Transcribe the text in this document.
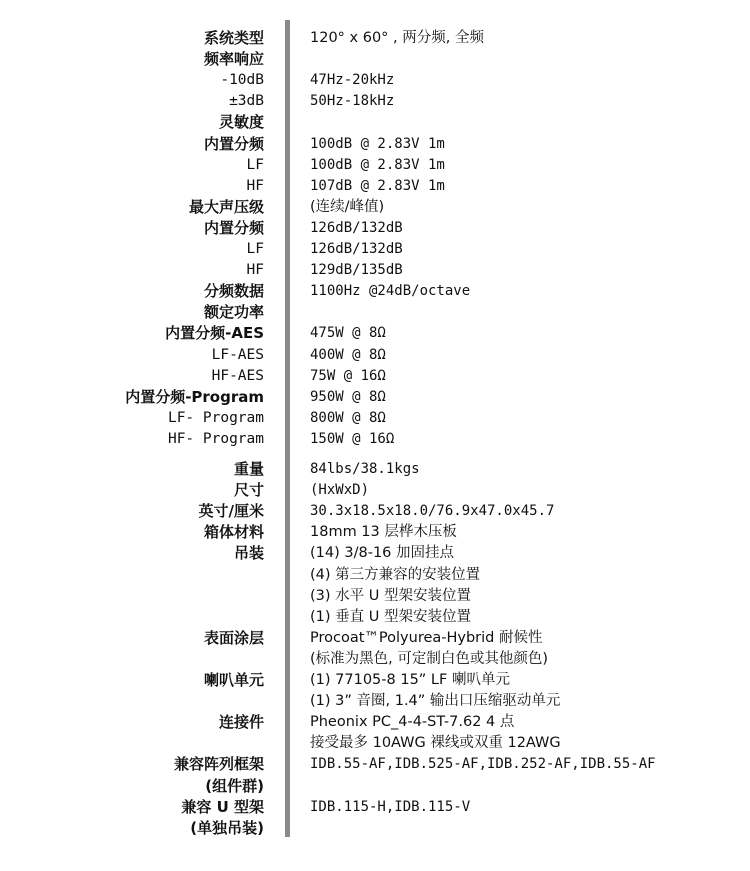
系统类型	120° x 60° , 两分频, 全频
频率响应
-10dB	47Hz-20kHz
±3dB	50Hz-18kHz
灵敏度
内置分频	100dB @ 2.83V 1m
LF	100dB @ 2.83V 1m
HF	107dB @ 2.83V 1m
最大声压级	(连续/峰值)
内置分频	126dB/132dB
LF	126dB/132dB
HF	129dB/135dB
分频数据	1100Hz @24dB/octave
额定功率
内置分频-AES	475W @ 8Ω
LF-AES	400W @ 8Ω
HF-AES	75W @ 16Ω
内置分频-Program	950W @ 8Ω
LF- Program	800W @ 8Ω
HF- Program	150W @ 16Ω
重量	84lbs/38.1kgs
尺寸	(HxWxD)
英寸/厘米	30.3x18.5x18.0/76.9x47.0x45.7
箱体材料	18mm 13 层桦木压板
吊装	(14) 3/8-16 加固挂点
(4) 第三方兼容的安装位置
(3) 水平 U 型架安装位置
(1) 垂直 U 型架安装位置
表面涂层	Procoat™Polyurea-Hybrid 耐候性
(标准为黑色, 可定制白色或其他颜色)
喇叭单元	(1) 77105-8 15” LF 喇叭单元
(1) 3” 音圈, 1.4” 输出口压缩驱动单元
连接件	Pheonix PC_4-4-ST-7.62 4 点
接受最多 10AWG 裸线或双重 12AWG
兼容阵列框架	IDB.55-AF,IDB.525-AF,IDB.252-AF,IDB.55-AF
(组件群)
兼容 U 型架	IDB.115-H,IDB.115-V
(单独吊装)
